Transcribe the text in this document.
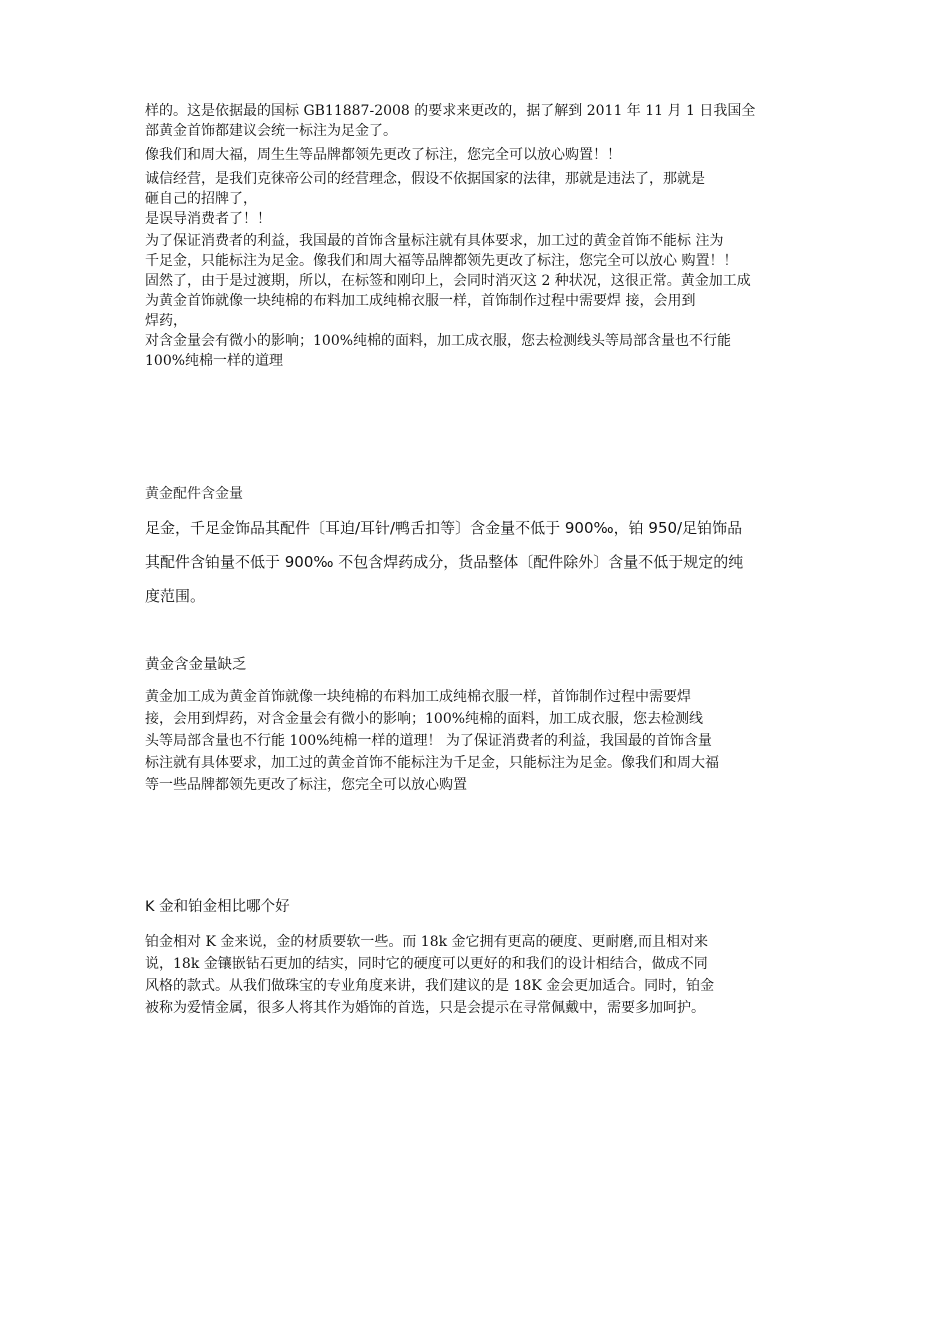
样的。这是依据最的国标 GB11887-2008 的要求来更改的，据了解到 2011 年 11 月 1 日我国全
部黄金首饰都建议会统一标注为足金了。
像我们和周大福，周生生等品牌都领先更改了标注，您完全可以放心购置！！
诚信经营，是我们克徕帝公司的经营理念，假设不依据国家的法律，那就是违法了，那就是
砸自己的招牌了，
是误导消费者了！！
为了保证消费者的利益，我国最的首饰含量标注就有具体要求，加工过的黄金首饰不能标 注为
千足金，只能标注为足金。像我们和周大福等品牌都领先更改了标注，您完全可以放心 购置！！
固然了，由于是过渡期，所以，在标签和刚印上，会同时消灭这 2 种状况，这很正常。黄金加工成
为黄金首饰就像一块纯棉的布料加工成纯棉衣服一样，首饰制作过程中需要焊 接，会用到
焊药，
对含金量会有微小的影响；100%纯棉的面料，加工成衣服，您去检测线头等局部含量也不行能
100%纯棉一样的道理
黄金配件含金量
足金，千足金饰品其配件〔耳迫/耳针/鸭舌扣等〕含金量不低于 900‰，铂 950/足铂饰品
其配件含铂量不低于 900‰ 不包含焊药成分，货品整体〔配件除外〕含量不低于规定的纯
度范围。
黄金含金量缺乏
黄金加工成为黄金首饰就像一块纯棉的布料加工成纯棉衣服一样，首饰制作过程中需要焊
接，会用到焊药，对含金量会有微小的影响；100%纯棉的面料，加工成衣服，您去检测线
头等局部含量也不行能 100%纯棉一样的道理！ 为了保证消费者的利益，我国最的首饰含量
标注就有具体要求，加工过的黄金首饰不能标注为千足金，只能标注为足金。像我们和周大福
等一些品牌都领先更改了标注，您完全可以放心购置
K 金和铂金相比哪个好
铂金相对 K 金来说，金的材质要软一些。而 18k 金它拥有更高的硬度、更耐磨,而且相对来
说，18k 金镶嵌钻石更加的结实，同时它的硬度可以更好的和我们的设计相结合，做成不同
风格的款式。从我们做珠宝的专业角度来讲，我们建议的是 18K 金会更加适合。同时，铂金
被称为爱情金属，很多人将其作为婚饰的首选，只是会提示在寻常佩戴中，需要多加呵护。
